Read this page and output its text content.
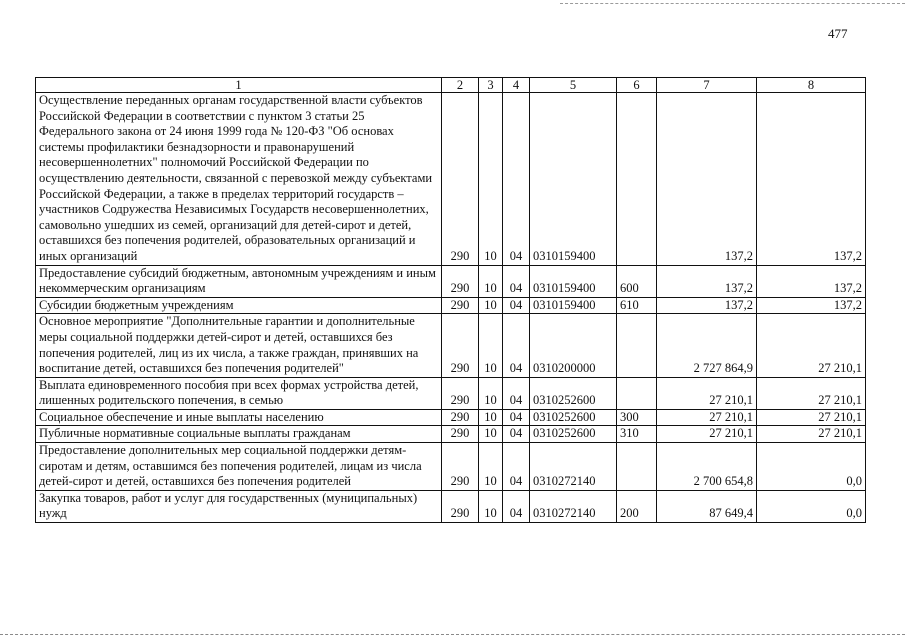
477
1	2	3	4	5	6	7	8
Осуществление переданных органам государственной власти субъектов Российской Федерации в соответствии с пунктом 3 статьи 25 Федерального закона от 24 июня 1999 года № 120-ФЗ "Об основах системы профилактики безнадзорности и правонарушений несовершеннолетних" полномочий Российской Федерации по осуществлению деятельности, связанной с перевозкой между субъектами Российской Федерации, а также в пределах территорий государств – участников Содружества Независимых Государств несовершеннолетних, самовольно ушедших из семей, организаций для детей-сирот и детей, оставшихся без попечения родителей, образовательных организаций и иных организаций	290	10	04	0310159400		137,2	137,2
Предоставление субсидий бюджетным, автономным учреждениям и иным некоммерческим организациям	290	10	04	0310159400	600	137,2	137,2
Субсидии бюджетным учреждениям	290	10	04	0310159400	610	137,2	137,2
Основное мероприятие "Дополнительные гарантии и дополнительные меры социальной поддержки детей-сирот и детей, оставшихся без попечения родителей, лиц из их числа, а также граждан, принявших на воспитание детей, оставшихся без попечения родителей"	290	10	04	0310200000		2 727 864,9	27 210,1
Выплата единовременного пособия при всех формах устройства детей, лишенных родительского попечения, в семью	290	10	04	0310252600		27 210,1	27 210,1
Социальное обеспечение и иные выплаты населению	290	10	04	0310252600	300	27 210,1	27 210,1
Публичные нормативные социальные выплаты гражданам	290	10	04	0310252600	310	27 210,1	27 210,1
Предоставление дополнительных мер социальной поддержки детям-сиротам и детям, оставшимся без попечения родителей, лицам из числа детей-сирот и детей, оставшихся без попечения родителей	290	10	04	0310272140		2 700 654,8	0,0
Закупка товаров, работ и услуг для государственных (муниципальных) нужд	290	10	04	0310272140	200	87 649,4	0,0
